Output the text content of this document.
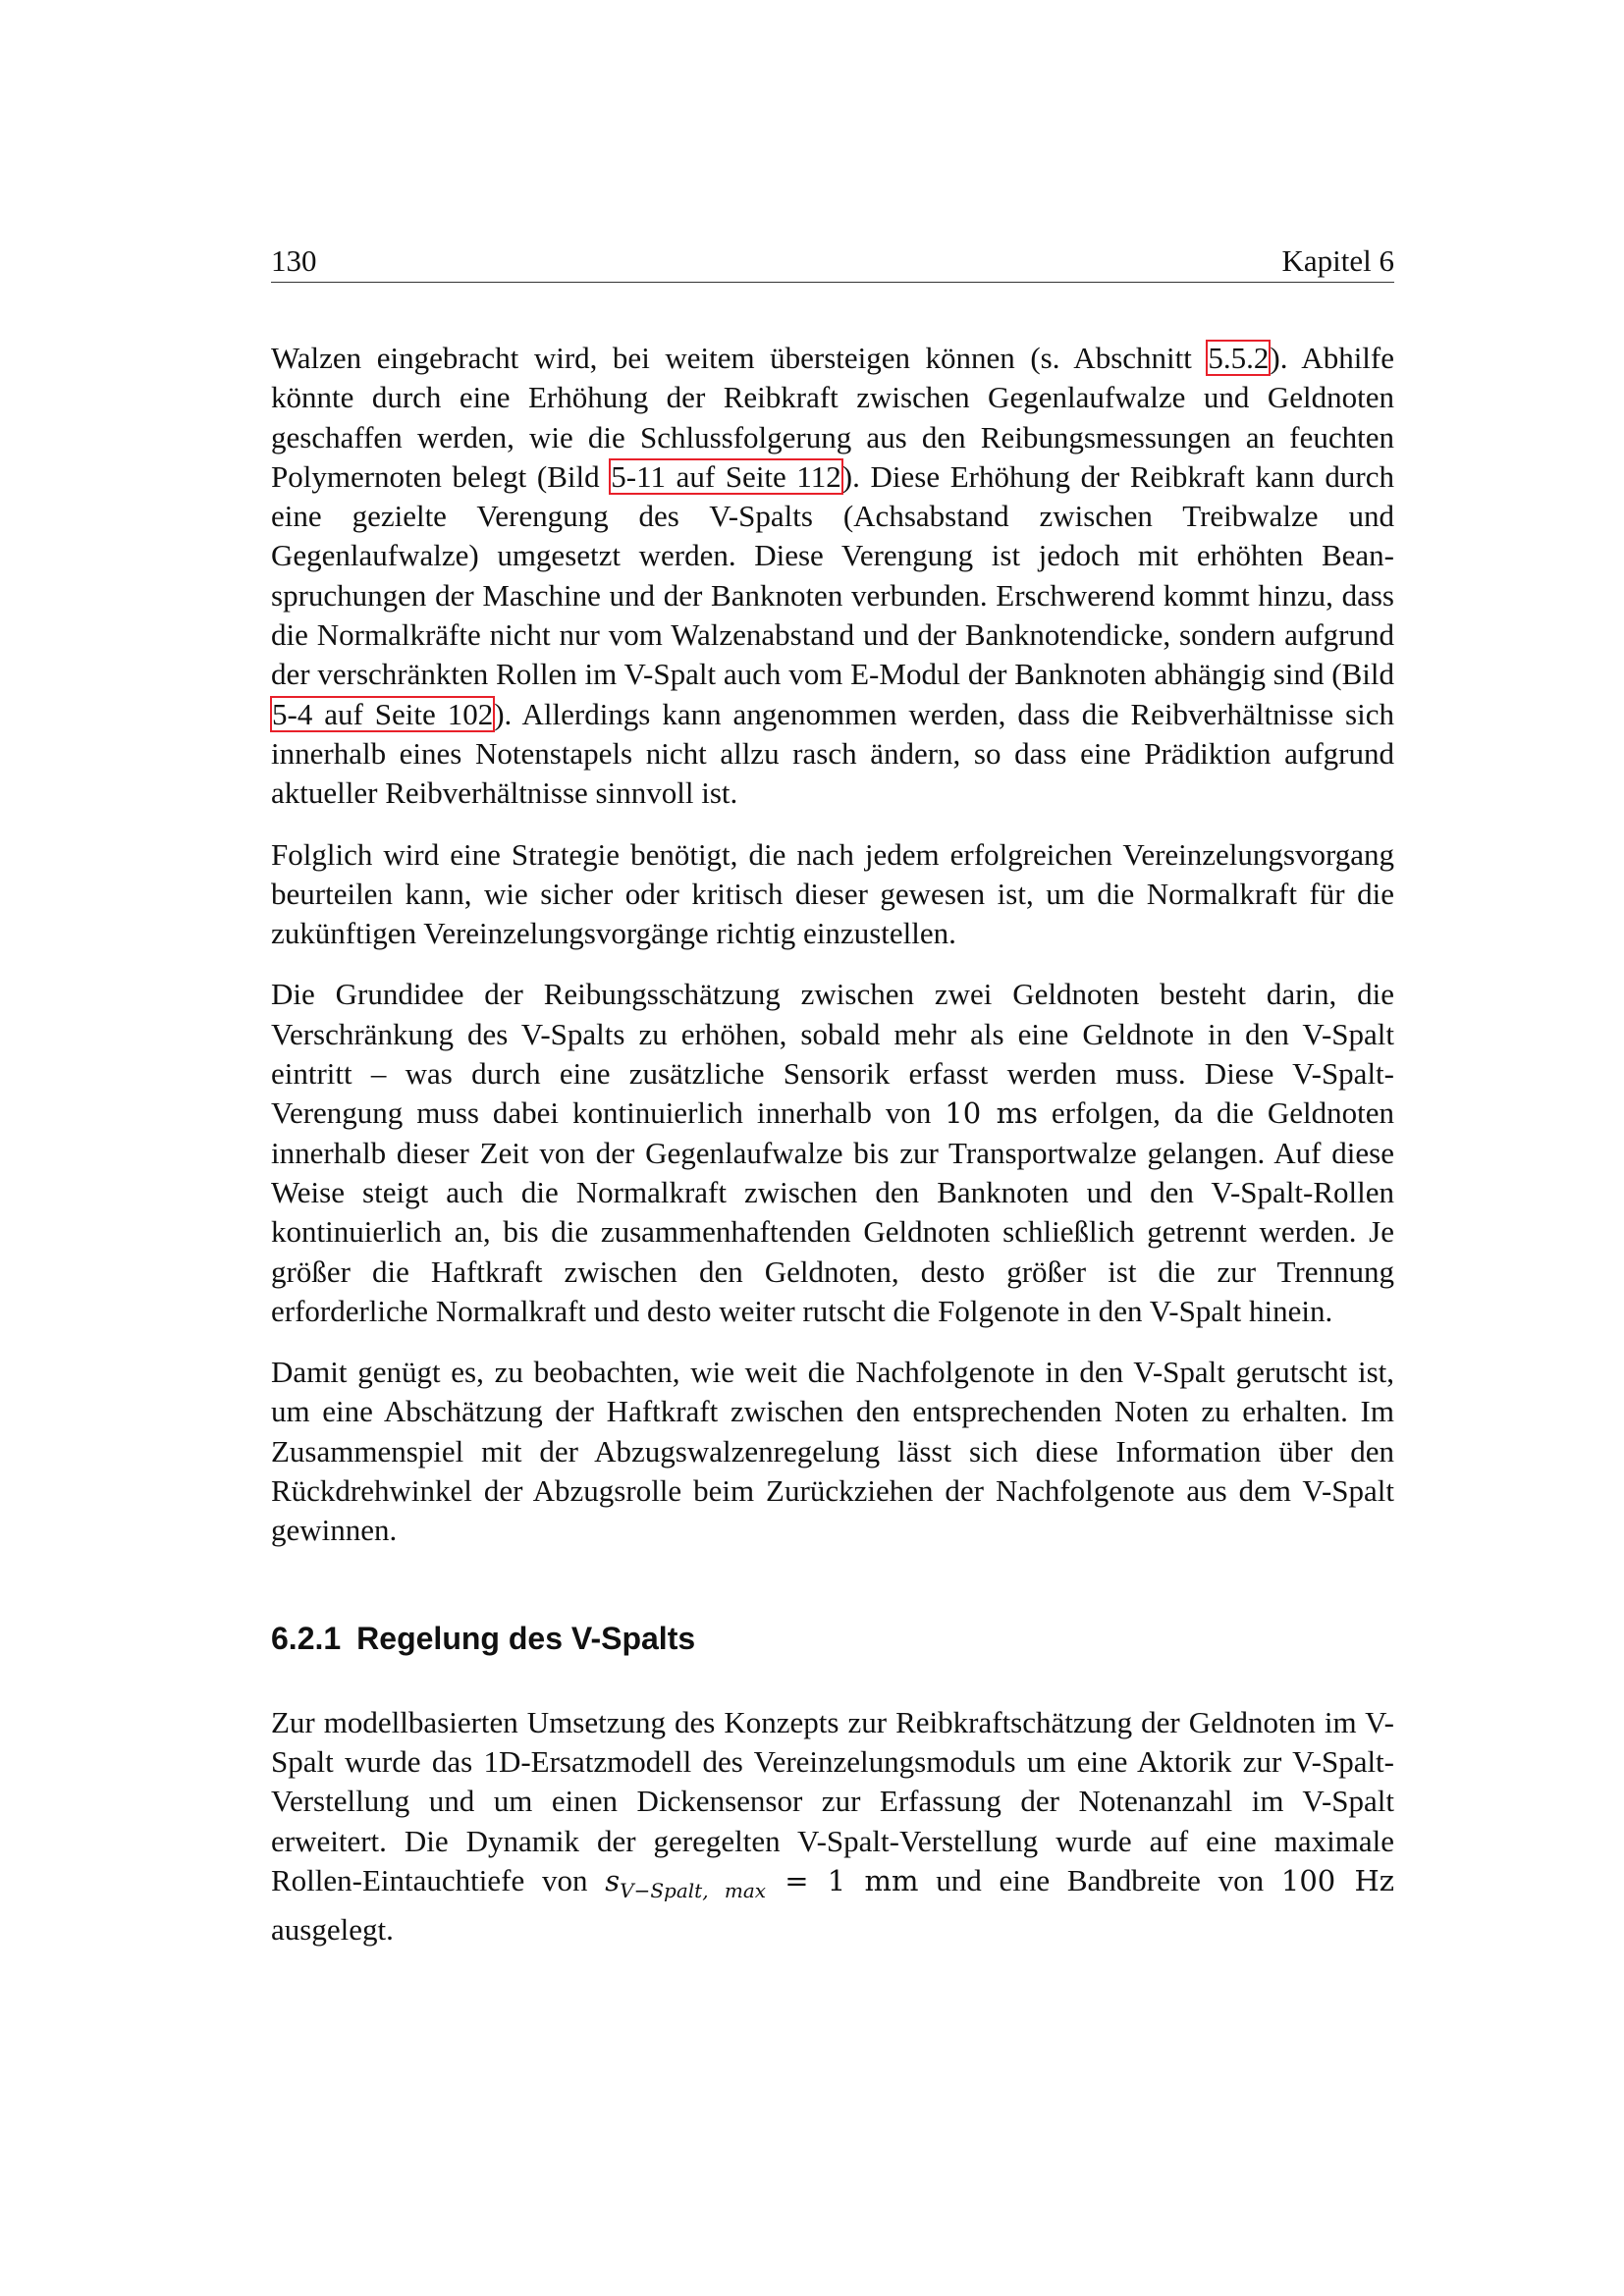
130	Kapitel 6

Walzen eingebracht wird, bei weitem übersteigen können (s. Abschnitt 5.5.2). Abhilfe könnte durch eine Erhöhung der Reibkraft zwischen Gegenlaufwalze und Geldnoten geschaffen werden, wie die Schlussfolgerung aus den Reibungsmessungen an feuchten Polymernoten belegt (Bild 5-11 auf Seite 112). Diese Erhöhung der Reibkraft kann durch eine gezielte Verengung des V-Spalts (Achsabstand zwischen Treibwalze und Gegenlaufwalze) umgesetzt werden. Diese Verengung ist jedoch mit erhöhten Beanspruchungen der Maschine und der Banknoten verbunden. Erschwerend kommt hinzu, dass die Normalkräfte nicht nur vom Walzenabstand und der Banknotendicke, sondern aufgrund der verschränkten Rollen im V-Spalt auch vom E-Modul der Banknoten abhängig sind (Bild 5-4 auf Seite 102). Allerdings kann angenommen werden, dass die Reibverhältnisse sich innerhalb eines Notenstapels nicht allzu rasch ändern, so dass eine Prädiktion aufgrund aktueller Reibverhältnisse sinnvoll ist.

Folglich wird eine Strategie benötigt, die nach jedem erfolgreichen Vereinzelungsvorgang beurteilen kann, wie sicher oder kritisch dieser gewesen ist, um die Normalkraft für die zukünftigen Vereinzelungsvorgänge richtig einzustellen.

Die Grundidee der Reibungsschätzung zwischen zwei Geldnoten besteht darin, die Verschränkung des V-Spalts zu erhöhen, sobald mehr als eine Geldnote in den V-Spalt eintritt – was durch eine zusätzliche Sensorik erfasst werden muss. Diese V-Spalt-Verengung muss dabei kontinuierlich innerhalb von 10 ms erfolgen, da die Geldnoten innerhalb dieser Zeit von der Gegenlaufwalze bis zur Transportwalze gelangen. Auf diese Weise steigt auch die Normalkraft zwischen den Banknoten und den V-Spalt-Rollen kontinuierlich an, bis die zusammenhaftenden Geldnoten schließlich getrennt werden. Je größer die Haftkraft zwischen den Geldnoten, desto größer ist die zur Trennung erforderliche Normalkraft und desto weiter rutscht die Folgenote in den V-Spalt hinein.

Damit genügt es, zu beobachten, wie weit die Nachfolgenote in den V-Spalt gerutscht ist, um eine Abschätzung der Haftkraft zwischen den entsprechenden Noten zu erhalten. Im Zusammenspiel mit der Abzugswalzenregelung lässt sich diese Information über den Rückdrehwinkel der Abzugsrolle beim Zurückziehen der Nachfolgenote aus dem V-Spalt gewinnen.

6.2.1 Regelung des V-Spalts

Zur modellbasierten Umsetzung des Konzepts zur Reibkraftschätzung der Geldnoten im V-Spalt wurde das 1D-Ersatzmodell des Vereinzelungsmoduls um eine Aktorik zur V-Spalt-Verstellung und um einen Dickensensor zur Erfassung der Notenanzahl im V-Spalt erweitert. Die Dynamik der geregelten V-Spalt-Verstellung wurde auf eine maximale Rollen-Eintauchtiefe von $s_{V-Spalt, max} = 1$ mm und eine Bandbreite von 100 Hz ausgelegt.
